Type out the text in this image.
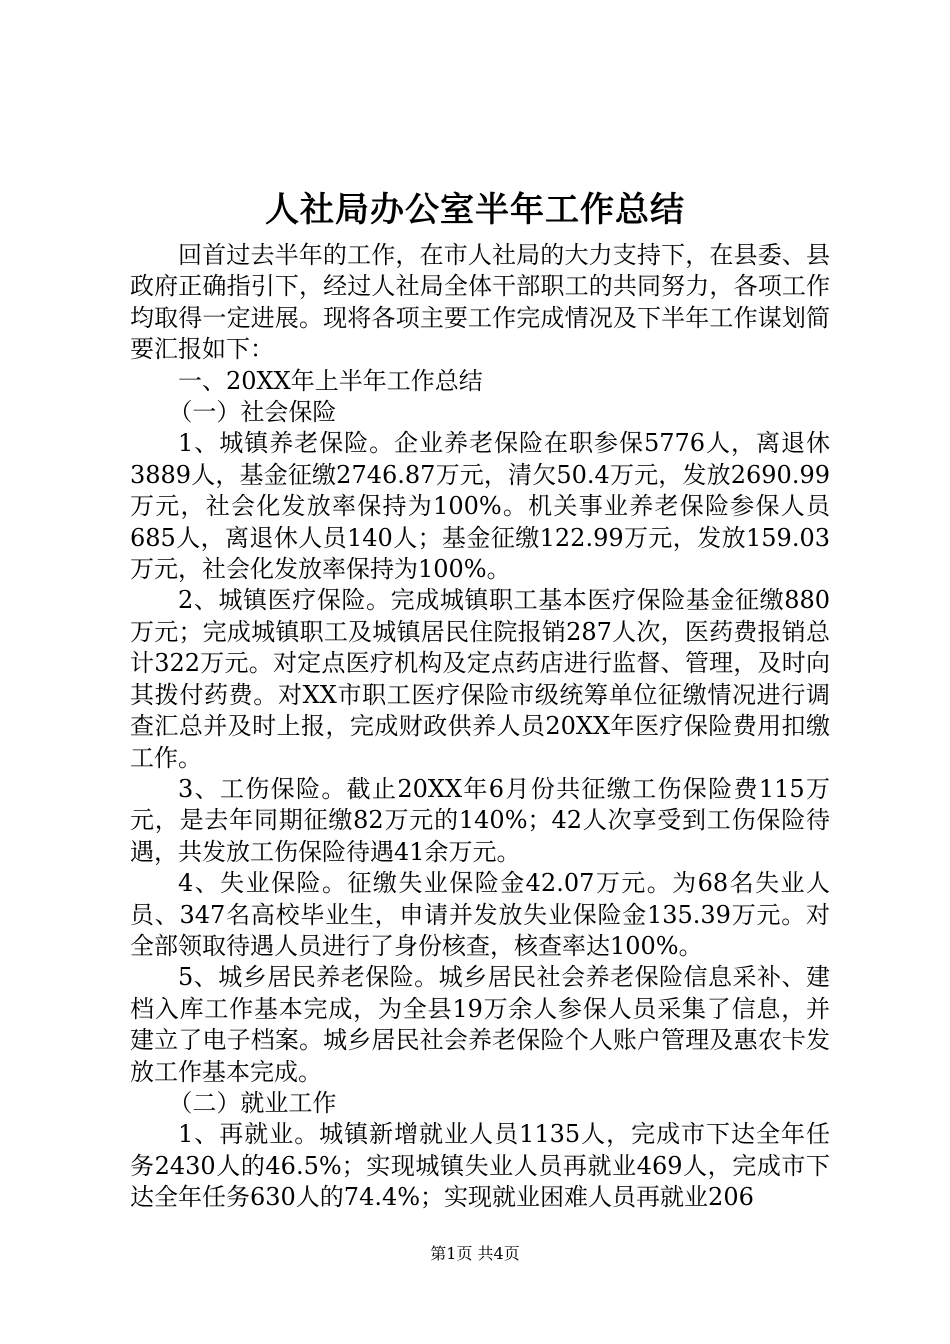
人社局办公室半年工作总结

回首过去半年的工作，在市人社局的大力支持下，在县委、县政府正确指引下，经过人社局全体干部职工的共同努力，各项工作均取得一定进展。现将各项主要工作完成情况及下半年工作谋划简要汇报如下：

一、20XX年上半年工作总结

（一）社会保险

1、城镇养老保险。企业养老保险在职参保5776人，离退休3889人，基金征缴2746.87万元，清欠50.4万元，发放2690.99万元，社会化发放率保持为100%。机关事业养老保险参保人员685人，离退休人员140人；基金征缴122.99万元，发放159.03万元，社会化发放率保持为100%。

2、城镇医疗保险。完成城镇职工基本医疗保险基金征缴880万元；完成城镇职工及城镇居民住院报销287人次，医药费报销总计322万元。对定点医疗机构及定点药店进行监督、管理，及时向其拨付药费。对XX市职工医疗保险市级统筹单位征缴情况进行调查汇总并及时上报，完成财政供养人员20XX年医疗保险费用扣缴工作。

3、工伤保险。截止20XX年6月份共征缴工伤保险费115万元，是去年同期征缴82万元的140%；42人次享受到工伤保险待遇，共发放工伤保险待遇41余万元。

4、失业保险。征缴失业保险金42.07万元。为68名失业人员、347名高校毕业生，申请并发放失业保险金135.39万元。对全部领取待遇人员进行了身份核查，核查率达100%。

5、城乡居民养老保险。城乡居民社会养老保险信息采补、建档入库工作基本完成，为全县19万余人参保人员采集了信息，并建立了电子档案。城乡居民社会养老保险个人账户管理及惠农卡发放工作基本完成。

（二）就业工作

1、再就业。城镇新增就业人员1135人，完成市下达全年任务2430人的46.5%；实现城镇失业人员再就业469人，完成市下达全年任务630人的74.4%；实现就业困难人员再就业206

第1页 共4页
